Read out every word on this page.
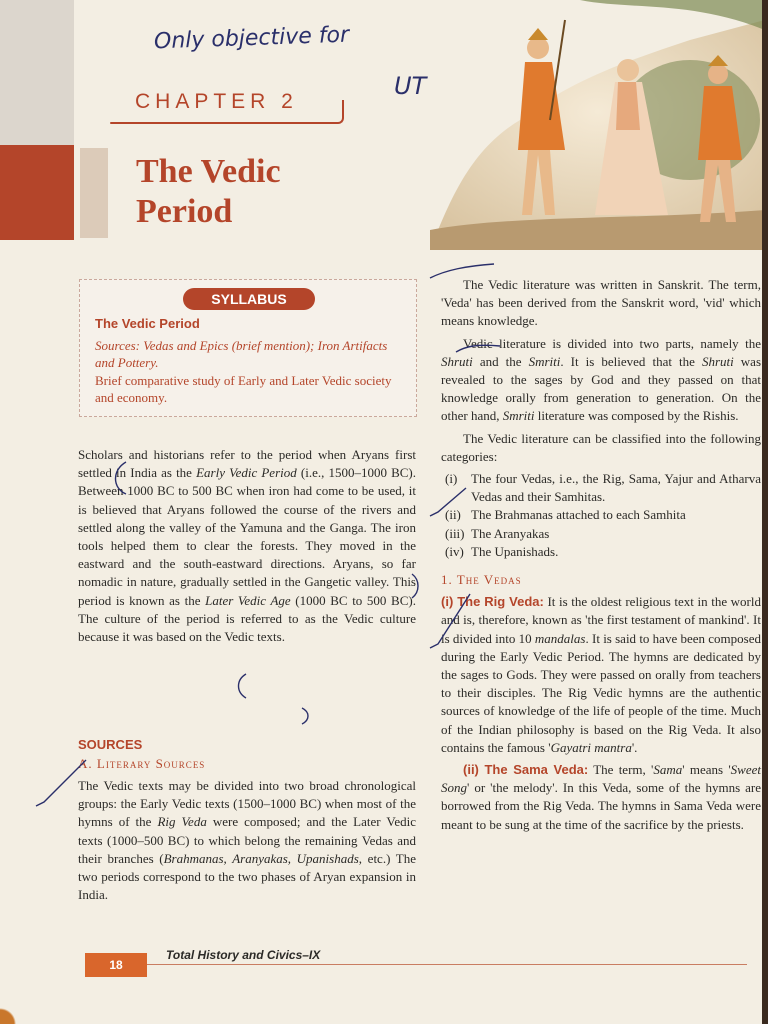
Only objective for
UT
CHAPTER 2
The Vedic
Period
SYLLABUS
The Vedic Period
Sources: Vedas and Epics (brief mention); Iron Artifacts and Pottery.
Brief comparative study of Early and Later Vedic society and economy.

Scholars and historians refer to the period when Aryans first settled in India as the Early Vedic Period (i.e., 1500–1000 BC). Between 1000 BC to 500 BC when iron had come to be used, it is believed that Aryans followed the course of the rivers and settled along the valley of the Yamuna and the Ganga. The iron tools helped them to clear the forests. They moved in the eastward and the south-eastward directions. Aryans, so far nomadic in nature, gradually settled in the Gangetic valley. This period is known as the Later Vedic Age (1000 BC to 500 BC). The culture of the period is referred to as the Vedic culture because it was based on the Vedic texts.

SOURCES
A. Literary Sources

The Vedic texts may be divided into two broad chronological groups: the Early Vedic texts (1500–1000 BC) when most of the hymns of the Rig Veda were composed; and the Later Vedic texts (1000–500 BC) to which belong the remaining Vedas and their branches (Brahmanas, Aranyakas, Upanishads, etc.) The two periods correspond to the two phases of Aryan expansion in India.

The Vedic literature was written in Sanskrit. The term, 'Veda' has been derived from the Sanskrit word, 'vid' which means knowledge.

Vedic literature is divided into two parts, namely the Shruti and the Smriti. It is believed that the Shruti was revealed to the sages by God and they passed on that knowledge orally from generation to generation. On the other hand, Smriti literature was composed by the Rishis.

The Vedic literature can be classified into the following categories:

(i) The four Vedas, i.e., the Rig, Sama, Yajur and Atharva Vedas and their Samhitas.
(ii) The Brahmanas attached to each Samhita
(iii) The Aranyakas
(iv) The Upanishads.
1. The Vedas

(i) The Rig Veda: It is the oldest religious text in the world and is, therefore, known as 'the first testament of mankind'. It is divided into 10 mandalas. It is said to have been composed during the Early Vedic Period. The hymns are dedicated by the sages to Gods. They were passed on orally from teachers to their disciples. The Rig Vedic hymns are the authentic sources of knowledge of the life of people of the time. Much of the Indian philosophy is based on the Rig Veda. It also contains the famous 'Gayatri mantra'.

(ii) The Sama Veda: The term, 'Sama' means 'Sweet Song' or 'the melody'. In this Veda, some of the hymns are borrowed from the Rig Veda. The hymns in Sama Veda were meant to be sung at the time of the sacrifice by the priests.

18
Total History and Civics–IX
